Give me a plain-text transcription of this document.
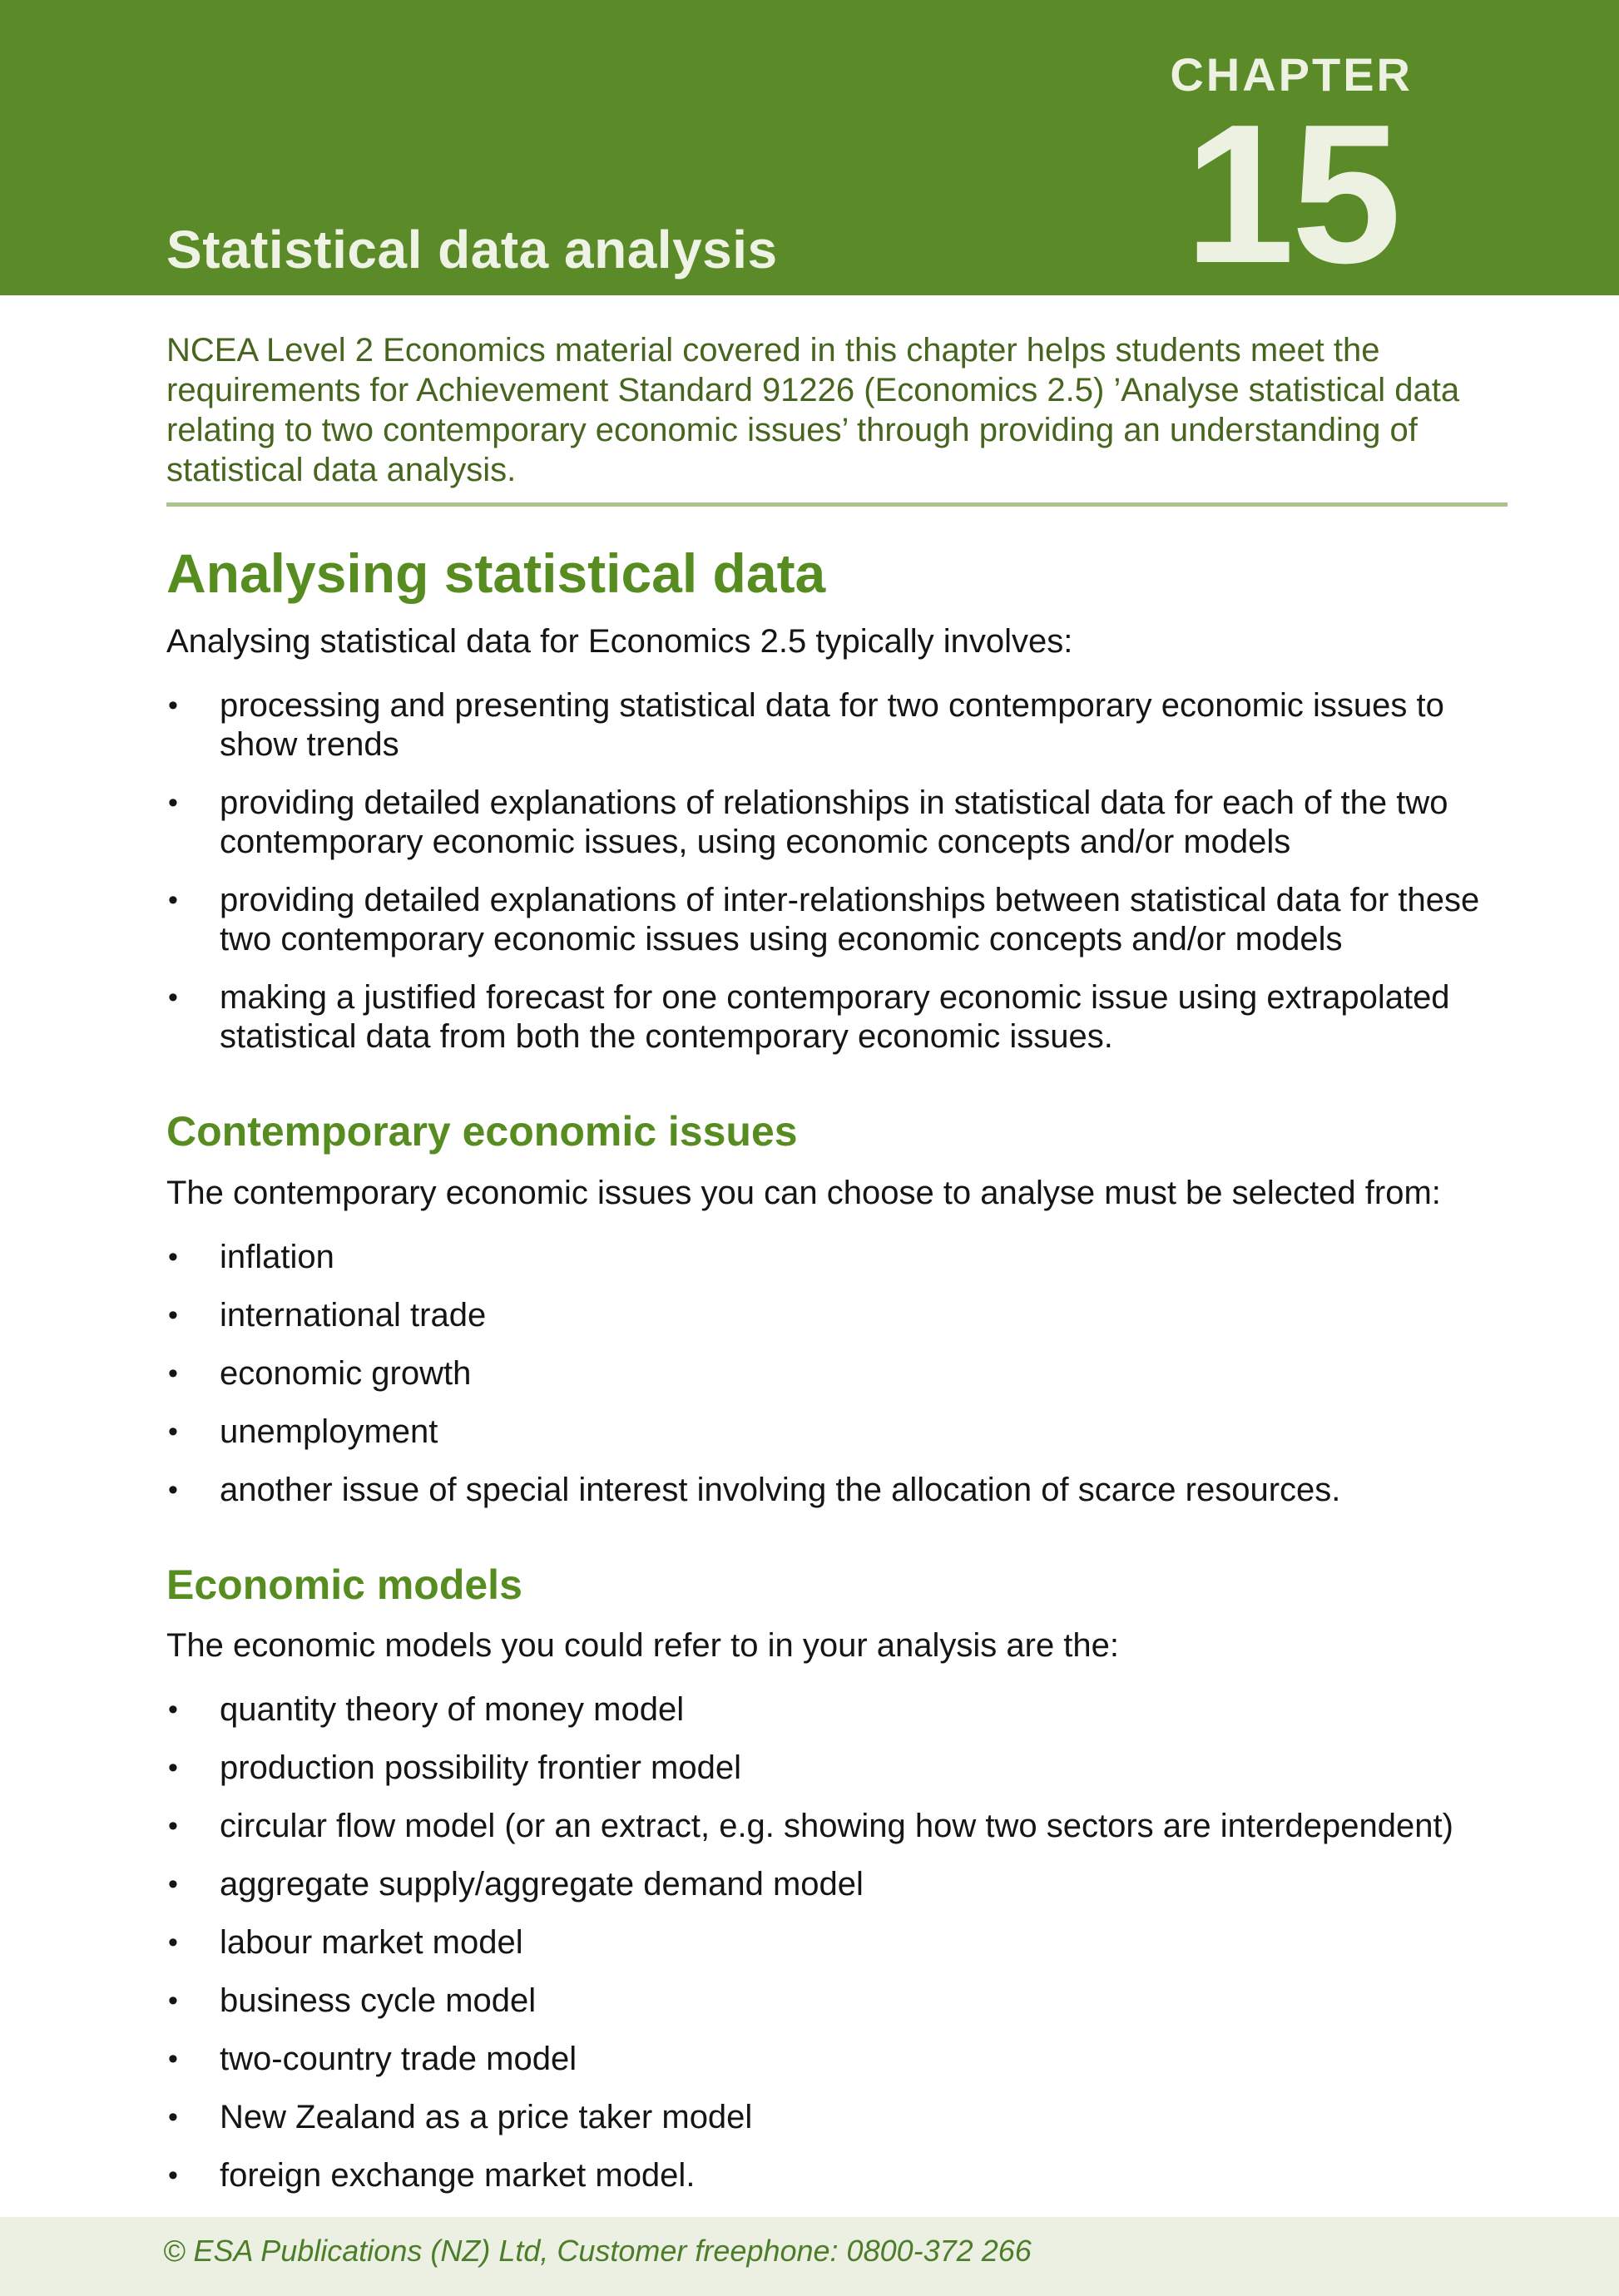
Statistical data analysis
CHAPTER
15

NCEA Level 2 Economics material covered in this chapter helps students meet the requirements for Achievement Standard 91226 (Economics 2.5) ’Analyse statistical data relating to two contemporary economic issues’ through providing an understanding of statistical data analysis.

Analysing statistical data

Analysing statistical data for Economics 2.5 typically involves:

• processing and presenting statistical data for two contemporary economic issues to show trends
• providing detailed explanations of relationships in statistical data for each of the two contemporary economic issues, using economic concepts and/or models
• providing detailed explanations of inter-relationships between statistical data for these two contemporary economic issues using economic concepts and/or models
• making a justified forecast for one contemporary economic issue using extrapolated statistical data from both the contemporary economic issues.
Contemporary economic issues

The contemporary economic issues you can choose to analyse must be selected from:

• inflation
• international trade
• economic growth
• unemployment
• another issue of special interest involving the allocation of scarce resources.
Economic models

The economic models you could refer to in your analysis are the:

• quantity theory of money model
• production possibility frontier model
• circular flow model (or an extract, e.g. showing how two sectors are interdependent)
• aggregate supply/aggregate demand model
• labour market model
• business cycle model
• two-country trade model
• New Zealand as a price taker model
• foreign exchange market model.

© ESA Publications (NZ) Ltd, Customer freephone: 0800-372 266
